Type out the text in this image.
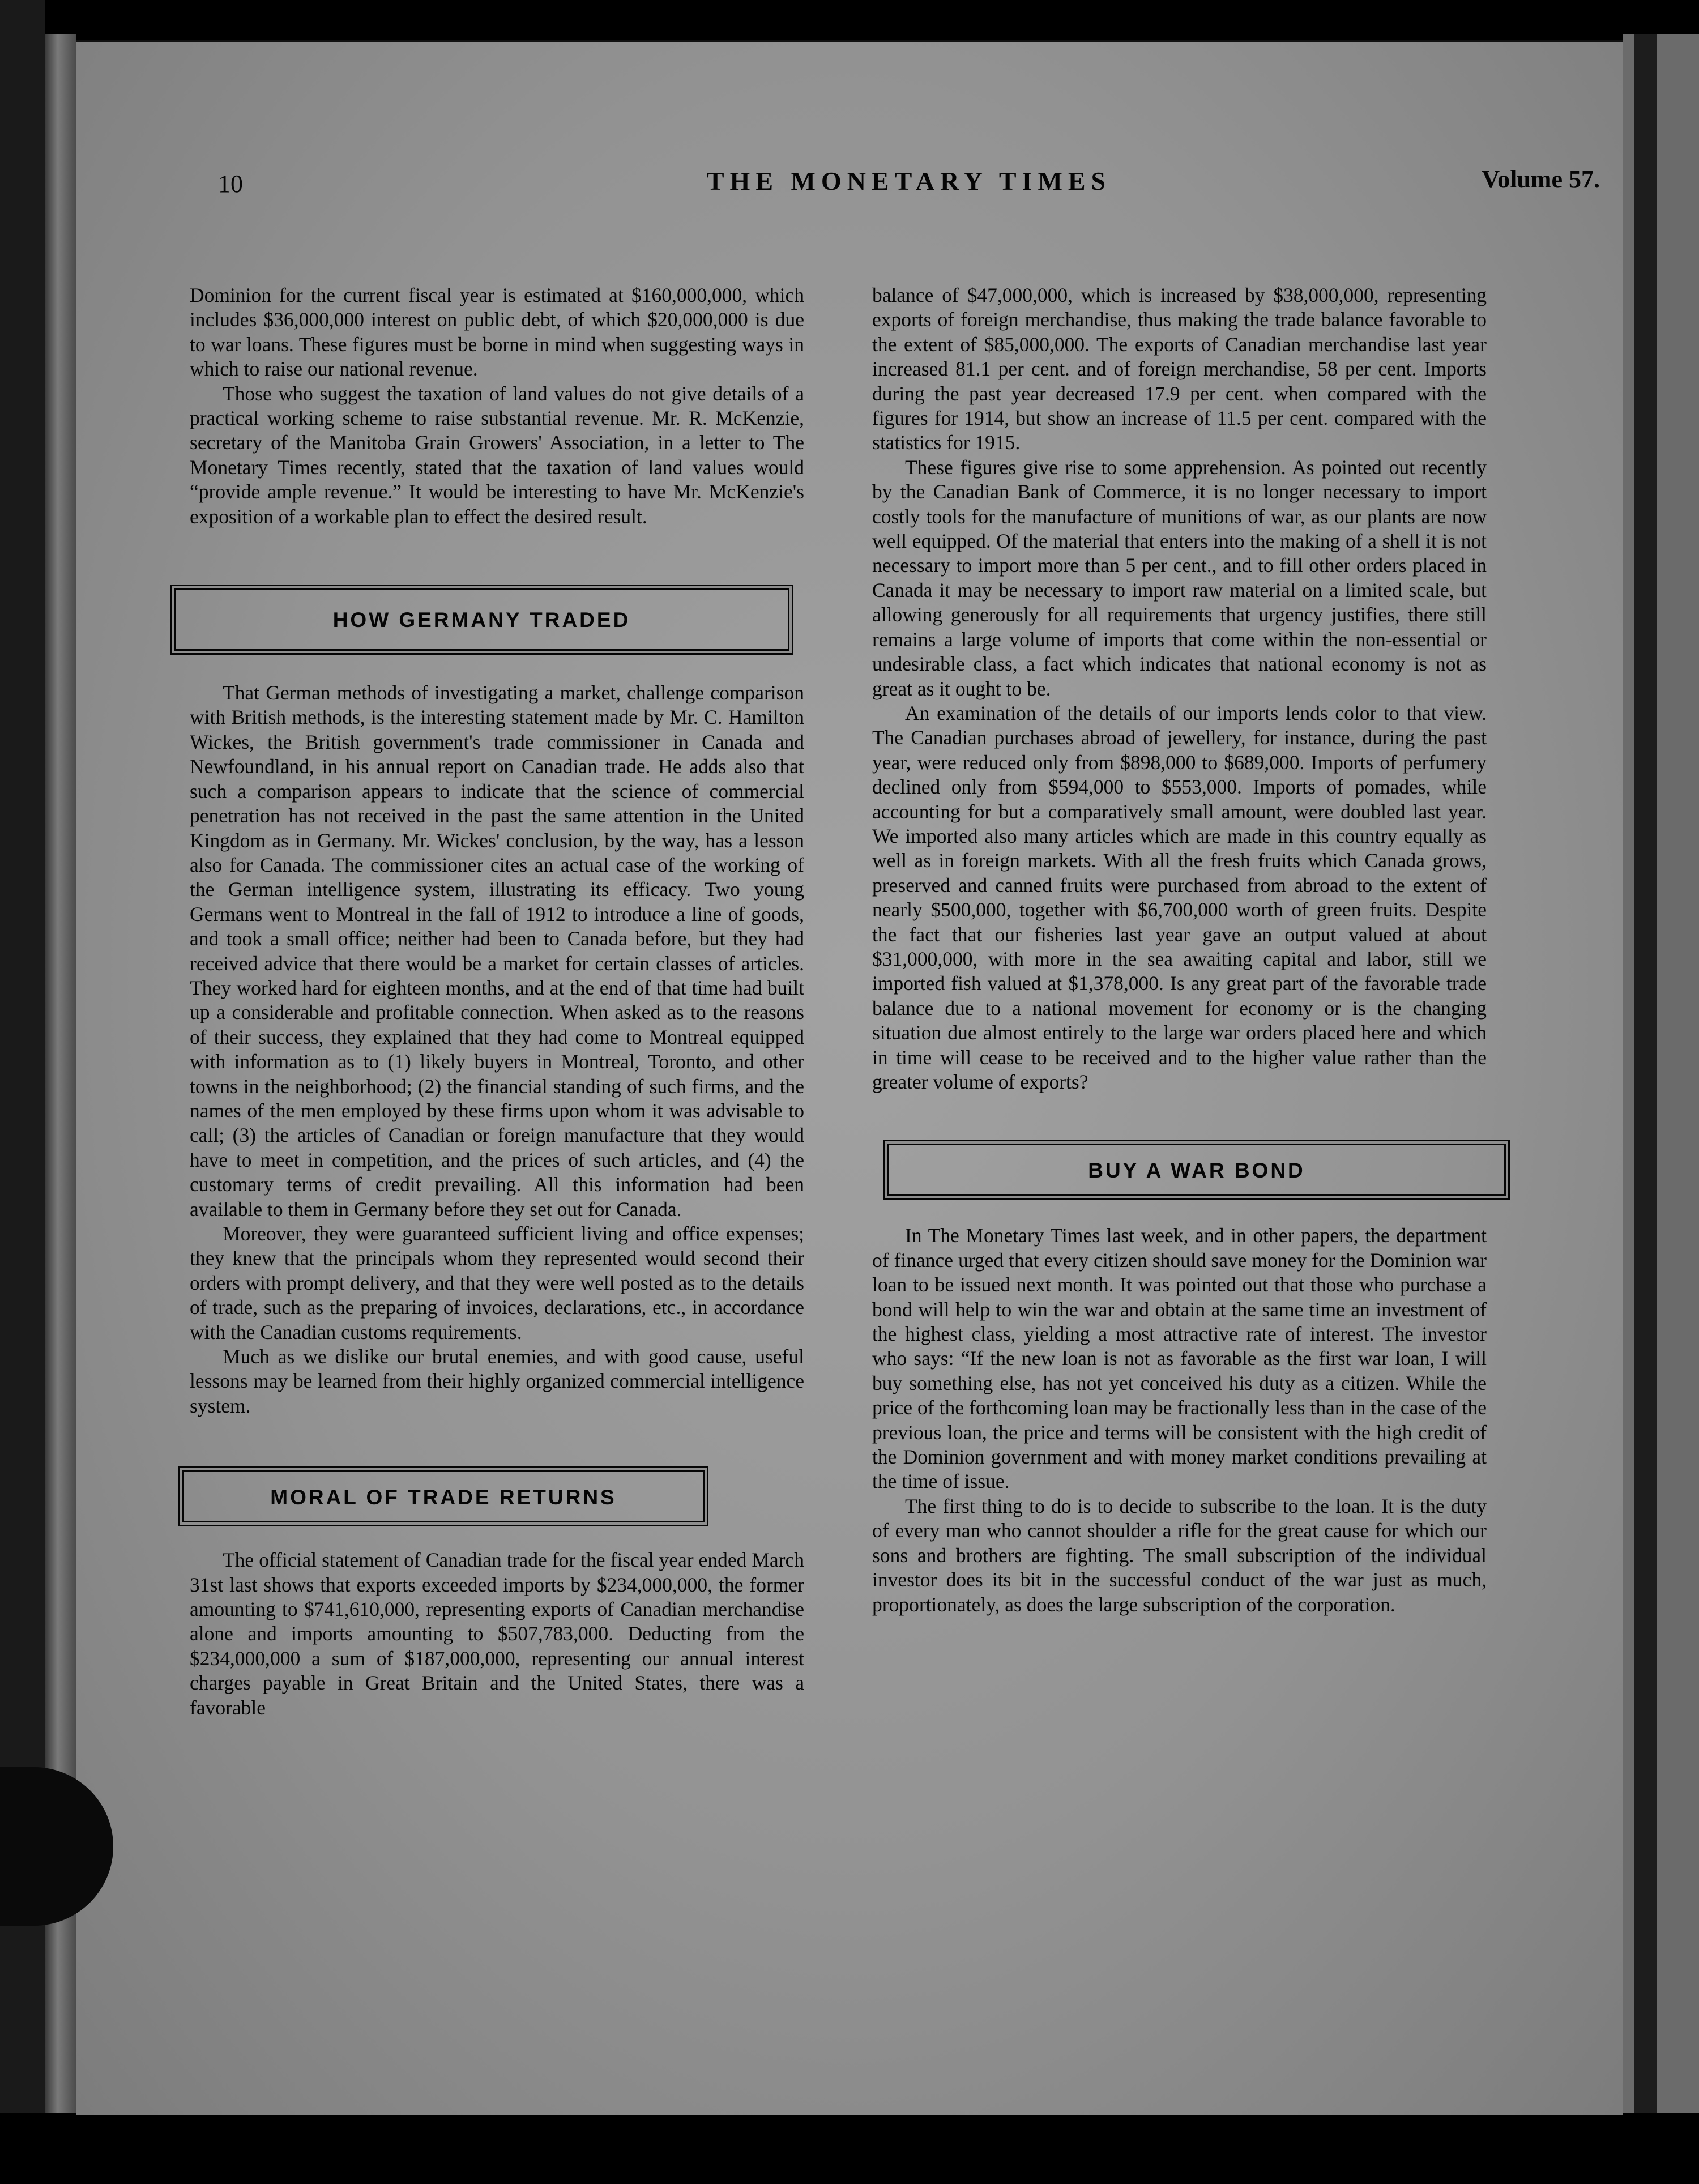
10	THE MONETARY TIMES	Volume 57.

Dominion for the current fiscal year is estimated at $160,000,000, which includes $36,000,000 interest on public debt, of which $20,000,000 is due to war loans. These figures must be borne in mind when suggesting ways in which to raise our national revenue.

Those who suggest the taxation of land values do not give details of a practical working scheme to raise substantial revenue. Mr. R. McKenzie, secretary of the Manitoba Grain Growers' Association, in a letter to The Monetary Times recently, stated that the taxation of land values would “provide ample revenue.” It would be interesting to have Mr. McKenzie's exposition of a workable plan to effect the desired result.

HOW GERMANY TRADED

That German methods of investigating a market, challenge comparison with British methods, is the interesting statement made by Mr. C. Hamilton Wickes, the British government's trade commissioner in Canada and Newfoundland, in his annual report on Canadian trade. He adds also that such a comparison appears to indicate that the science of commercial penetration has not received in the past the same attention in the United Kingdom as in Germany. Mr. Wickes' conclusion, by the way, has a lesson also for Canada. The commissioner cites an actual case of the working of the German intelligence system, illustrating its efficacy. Two young Germans went to Montreal in the fall of 1912 to introduce a line of goods, and took a small office; neither had been to Canada before, but they had received advice that there would be a market for certain classes of articles. They worked hard for eighteen months, and at the end of that time had built up a considerable and profitable connection. When asked as to the reasons of their success, they explained that they had come to Montreal equipped with information as to (1) likely buyers in Montreal, Toronto, and other towns in the neighborhood; (2) the financial standing of such firms, and the names of the men employed by these firms upon whom it was advisable to call; (3) the articles of Canadian or foreign manufacture that they would have to meet in competition, and the prices of such articles, and (4) the customary terms of credit prevailing. All this information had been available to them in Germany before they set out for Canada.

Moreover, they were guaranteed sufficient living and office expenses; they knew that the principals whom they represented would second their orders with prompt delivery, and that they were well posted as to the details of trade, such as the preparing of invoices, declarations, etc., in accordance with the Canadian customs requirements.

Much as we dislike our brutal enemies, and with good cause, useful lessons may be learned from their highly organized commercial intelligence system.

MORAL OF TRADE RETURNS

The official statement of Canadian trade for the fiscal year ended March 31st last shows that exports exceeded imports by $234,000,000, the former amounting to $741,610,000, representing exports of Canadian merchandise alone and imports amounting to $507,783,000. Deducting from the $234,000,000 a sum of $187,000,000, representing our annual interest charges payable in Great Britain and the United States, there was a favorable

balance of $47,000,000, which is increased by $38,000,000, representing exports of foreign merchandise, thus making the trade balance favorable to the extent of $85,000,000. The exports of Canadian merchandise last year increased 81.1 per cent. and of foreign merchandise, 58 per cent. Imports during the past year decreased 17.9 per cent. when compared with the figures for 1914, but show an increase of 11.5 per cent. compared with the statistics for 1915.

These figures give rise to some apprehension. As pointed out recently by the Canadian Bank of Commerce, it is no longer necessary to import costly tools for the manufacture of munitions of war, as our plants are now well equipped. Of the material that enters into the making of a shell it is not necessary to import more than 5 per cent., and to fill other orders placed in Canada it may be necessary to import raw material on a limited scale, but allowing generously for all requirements that urgency justifies, there still remains a large volume of imports that come within the non-essential or undesirable class, a fact which indicates that national economy is not as great as it ought to be.

An examination of the details of our imports lends color to that view. The Canadian purchases abroad of jewellery, for instance, during the past year, were reduced only from $898,000 to $689,000. Imports of perfumery declined only from $594,000 to $553,000. Imports of pomades, while accounting for but a comparatively small amount, were doubled last year. We imported also many articles which are made in this country equally as well as in foreign markets. With all the fresh fruits which Canada grows, preserved and canned fruits were purchased from abroad to the extent of nearly $500,000, together with $6,700,000 worth of green fruits. Despite the fact that our fisheries last year gave an output valued at about $31,000,000, with more in the sea awaiting capital and labor, still we imported fish valued at $1,378,000. Is any great part of the favorable trade balance due to a national movement for economy or is the changing situation due almost entirely to the large war orders placed here and which in time will cease to be received and to the higher value rather than the greater volume of exports?

BUY A WAR BOND

In The Monetary Times last week, and in other papers, the department of finance urged that every citizen should save money for the Dominion war loan to be issued next month. It was pointed out that those who purchase a bond will help to win the war and obtain at the same time an investment of the highest class, yielding a most attractive rate of interest. The investor who says: “If the new loan is not as favorable as the first war loan, I will buy something else, has not yet conceived his duty as a citizen. While the price of the forthcoming loan may be fractionally less than in the case of the previous loan, the price and terms will be consistent with the high credit of the Dominion government and with money market conditions prevailing at the time of issue.

The first thing to do is to decide to subscribe to the loan. It is the duty of every man who cannot shoulder a rifle for the great cause for which our sons and brothers are fighting. The small subscription of the individual investor does its bit in the successful conduct of the war just as much, proportionately, as does the large subscription of the corporation.
